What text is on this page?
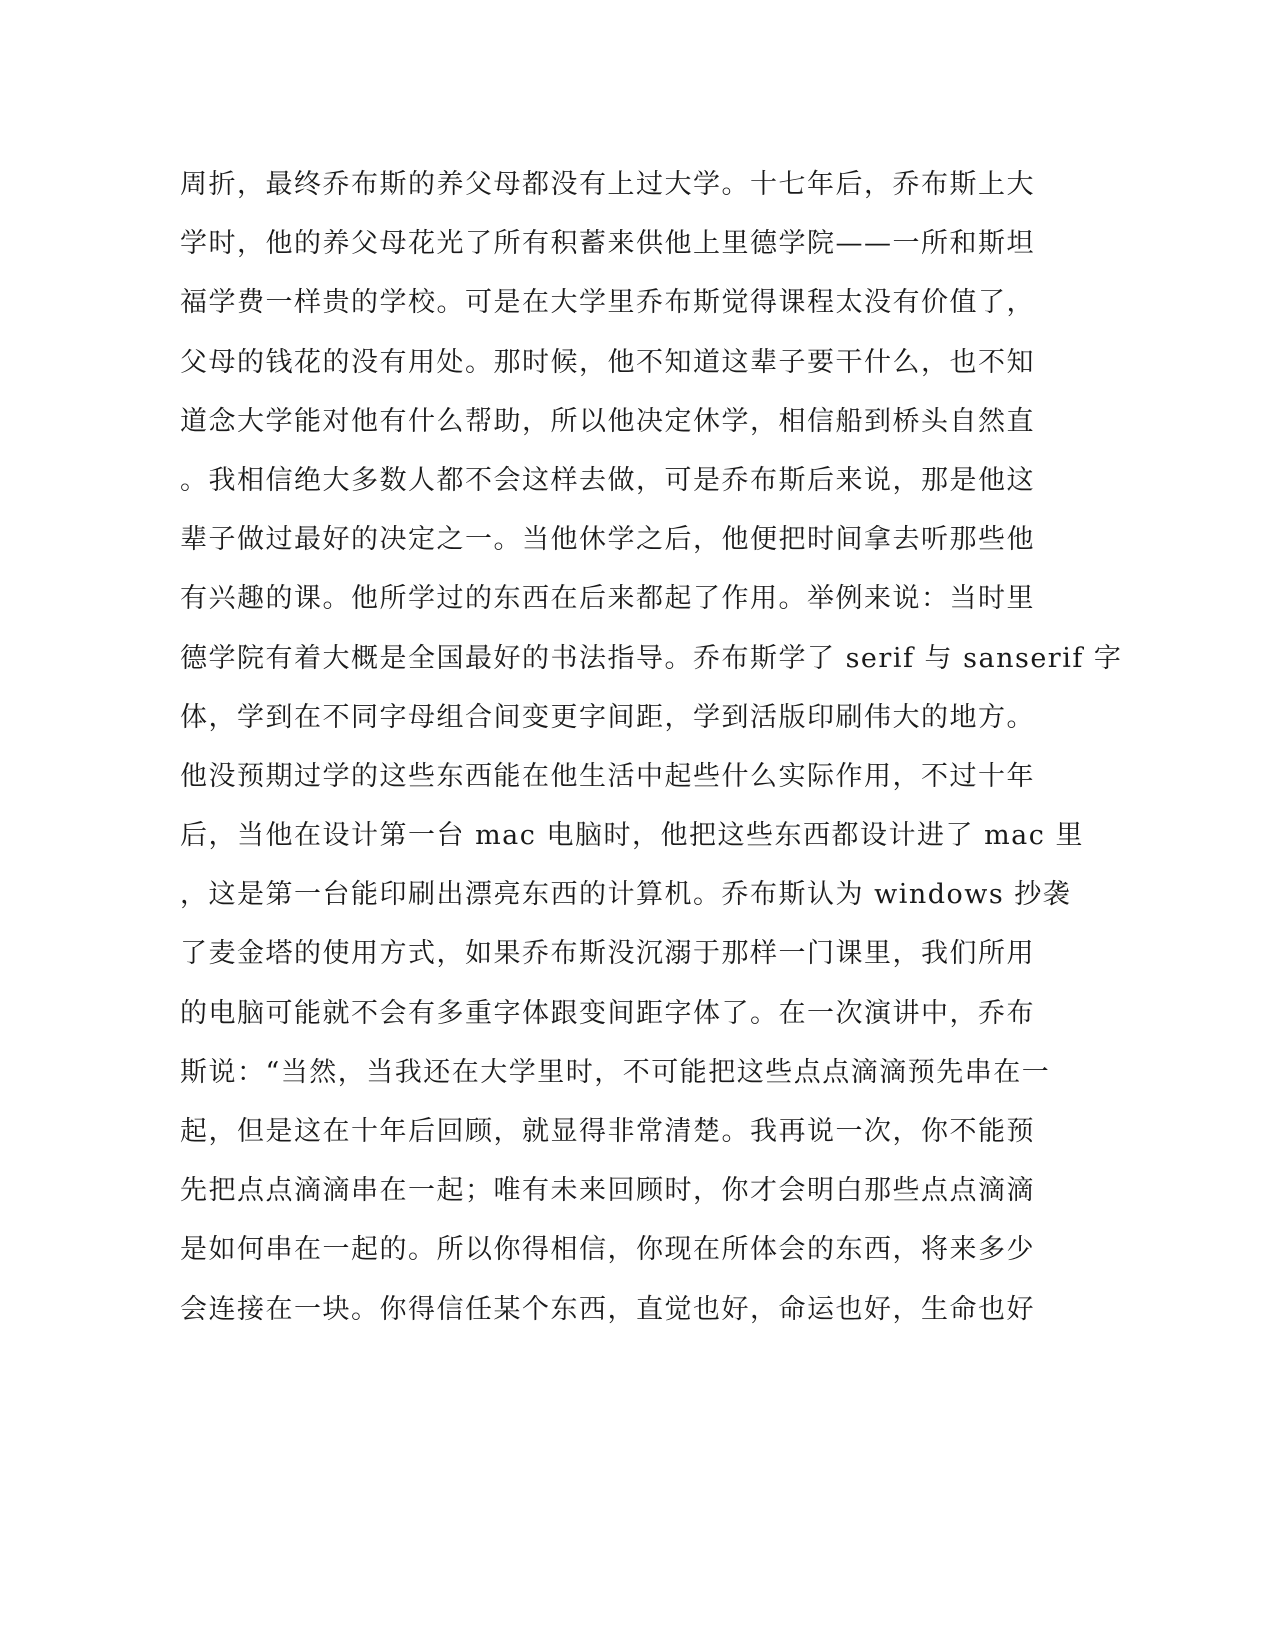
周折，最终乔布斯的养父母都没有上过大学。十七年后，乔布斯上大
学时，他的养父母花光了所有积蓄来供他上里德学院——一所和斯坦
福学费一样贵的学校。可是在大学里乔布斯觉得课程太没有价值了，
父母的钱花的没有用处。那时候，他不知道这辈子要干什么，也不知
道念大学能对他有什么帮助，所以他决定休学，相信船到桥头自然直
。我相信绝大多数人都不会这样去做，可是乔布斯后来说，那是他这
辈子做过最好的决定之一。当他休学之后，他便把时间拿去听那些他
有兴趣的课。他所学过的东西在后来都起了作用。举例来说：当时里
德学院有着大概是全国最好的书法指导。乔布斯学了 serif 与 sanserif 字
体，学到在不同字母组合间变更字间距，学到活版印刷伟大的地方。
他没预期过学的这些东西能在他生活中起些什么实际作用，不过十年
后，当他在设计第一台 mac 电脑时，他把这些东西都设计进了 mac 里
，这是第一台能印刷出漂亮东西的计算机。乔布斯认为 windows 抄袭
了麦金塔的使用方式，如果乔布斯没沉溺于那样一门课里，我们所用
的电脑可能就不会有多重字体跟变间距字体了。在一次演讲中，乔布
斯说：“当然，当我还在大学里时，不可能把这些点点滴滴预先串在一
起，但是这在十年后回顾，就显得非常清楚。我再说一次，你不能预
先把点点滴滴串在一起；唯有未来回顾时，你才会明白那些点点滴滴
是如何串在一起的。所以你得相信，你现在所体会的东西，将来多少
会连接在一块。你得信任某个东西，直觉也好，命运也好，生命也好
